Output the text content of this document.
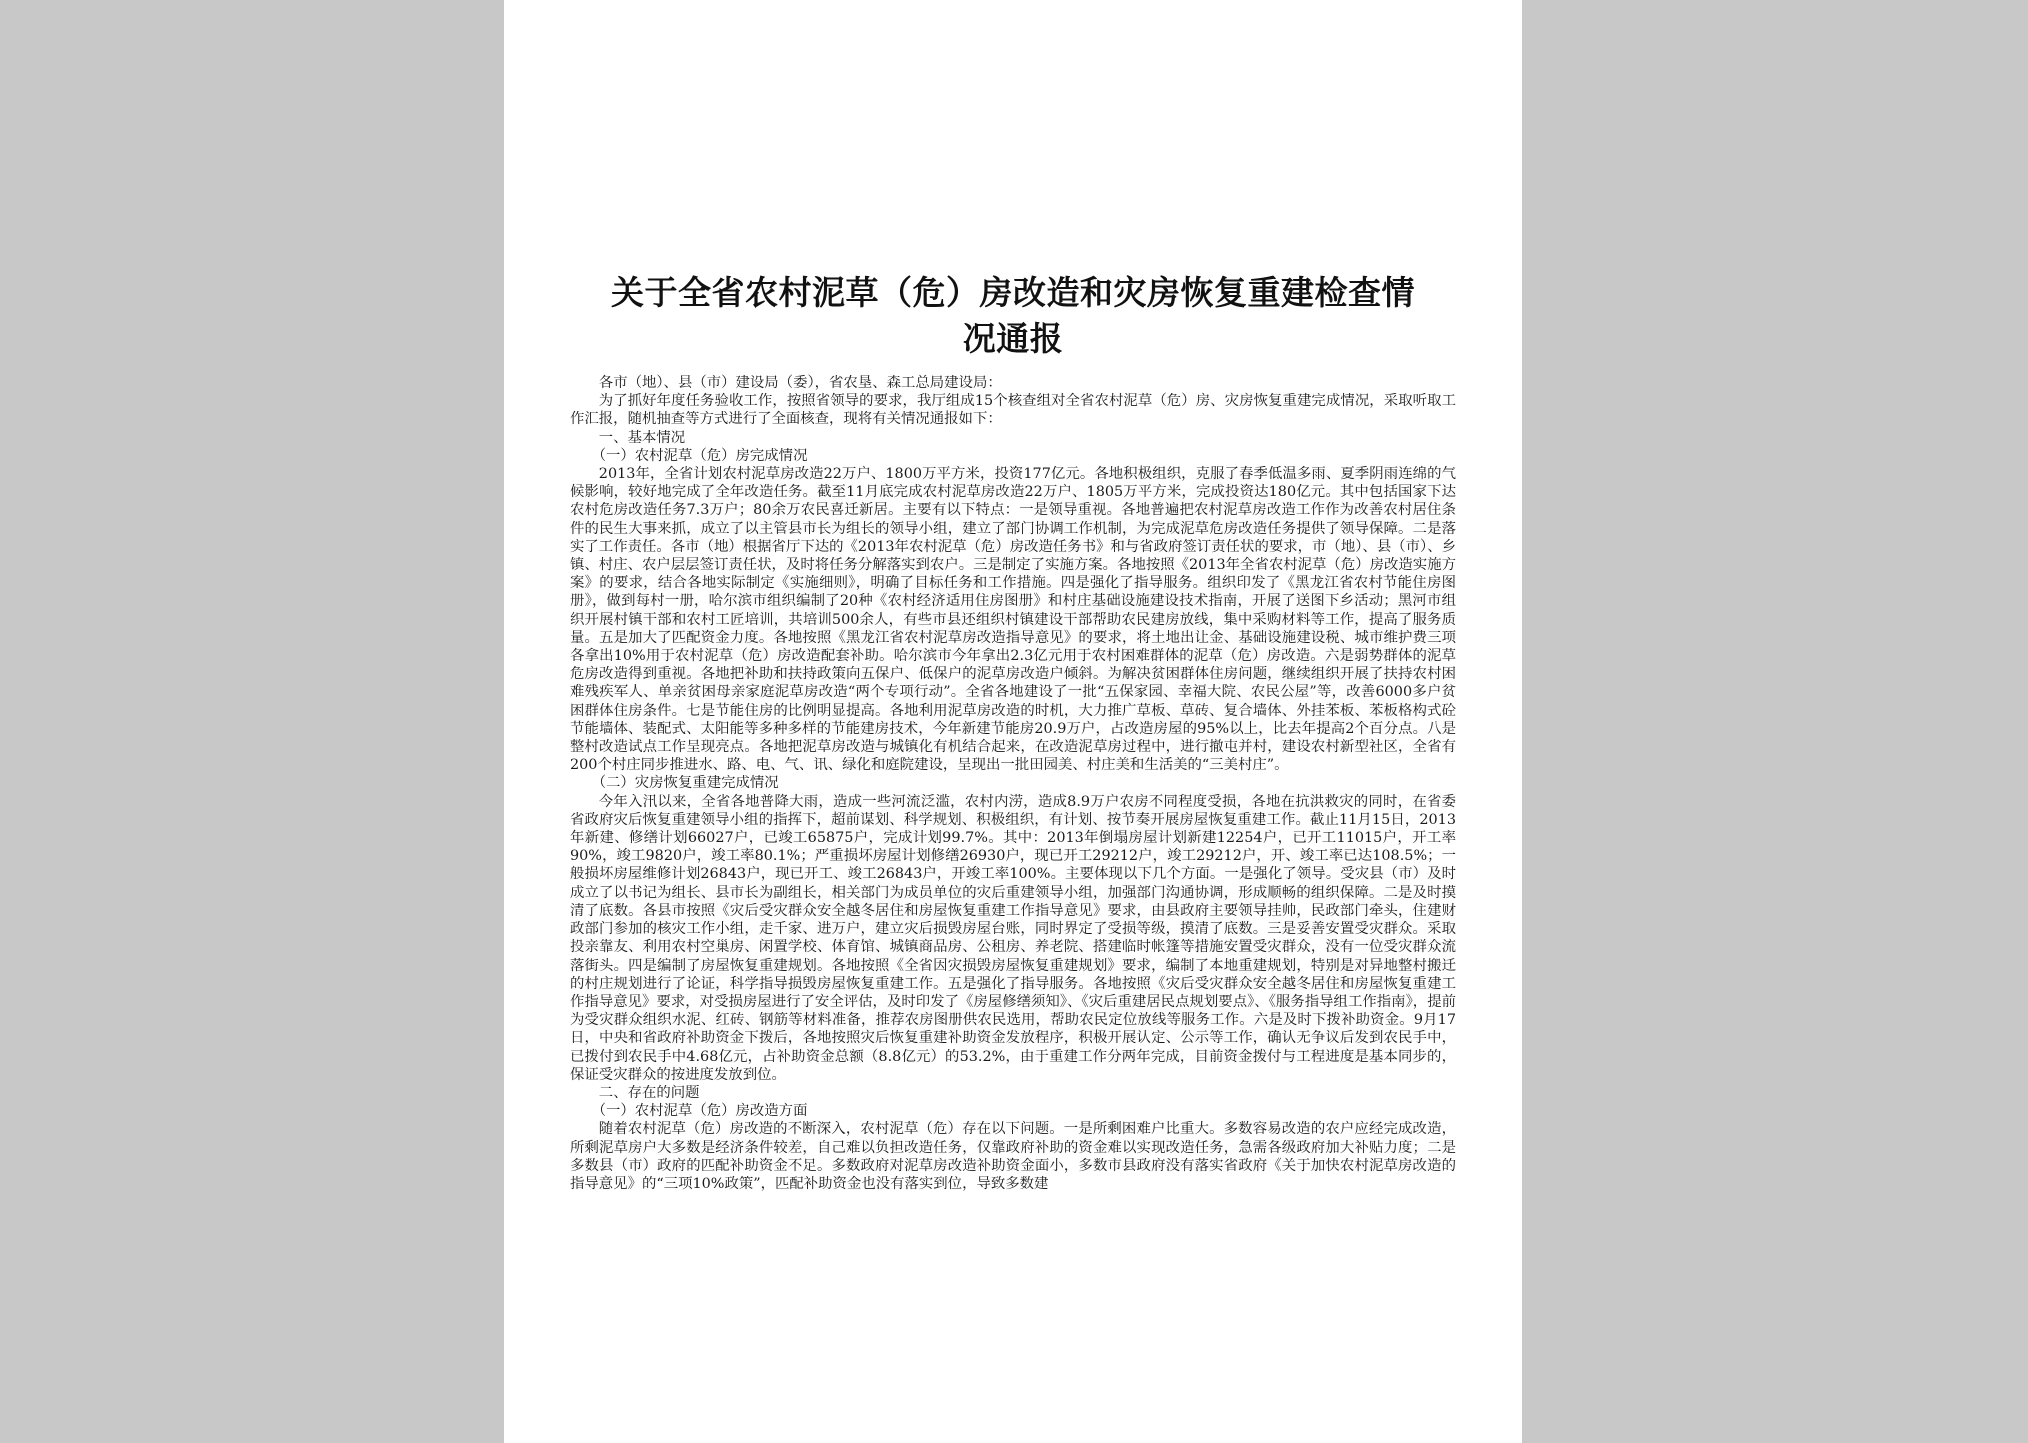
关于全省农村泥草（危）房改造和灾房恢复重建检查情
况通报

各市（地）、县（市）建设局（委），省农垦、森工总局建设局：

为了抓好年度任务验收工作，按照省领导的要求，我厅组成15个核查组对全省农村泥草（危）房、灾房恢复重建完成情况，采取听取工作汇报，随机抽查等方式进行了全面核查，现将有关情况通报如下：

一、基本情况

（一）农村泥草（危）房完成情况

2013年，全省计划农村泥草房改造22万户、1800万平方米，投资177亿元。各地积极组织，克服了春季低温多雨、夏季阴雨连绵的气候影响，较好地完成了全年改造任务。截至11月底完成农村泥草房改造22万户、1805万平方米，完成投资达180亿元。其中包括国家下达农村危房改造任务7.3万户；80余万农民喜迁新居。主要有以下特点：一是领导重视。各地普遍把农村泥草房改造工作作为改善农村居住条件的民生大事来抓，成立了以主管县市长为组长的领导小组，建立了部门协调工作机制，为完成泥草危房改造任务提供了领导保障。二是落实了工作责任。各市（地）根据省厅下达的《2013年农村泥草（危）房改造任务书》和与省政府签订责任状的要求，市（地）、县（市）、乡镇、村庄、农户层层签订责任状，及时将任务分解落实到农户。三是制定了实施方案。各地按照《2013年全省农村泥草（危）房改造实施方案》的要求，结合各地实际制定《实施细则》，明确了目标任务和工作措施。四是强化了指导服务。组织印发了《黑龙江省农村节能住房图册》，做到每村一册，哈尔滨市组织编制了20种《农村经济适用住房图册》和村庄基础设施建设技术指南，开展了送图下乡活动；黑河市组织开展村镇干部和农村工匠培训，共培训500余人，有些市县还组织村镇建设干部帮助农民建房放线，集中采购材料等工作，提高了服务质量。五是加大了匹配资金力度。各地按照《黑龙江省农村泥草房改造指导意见》的要求，将土地出让金、基础设施建设税、城市维护费三项各拿出10%用于农村泥草（危）房改造配套补助。哈尔滨市今年拿出2.3亿元用于农村困难群体的泥草（危）房改造。六是弱势群体的泥草危房改造得到重视。各地把补助和扶持政策向五保户、低保户的泥草房改造户倾斜。为解决贫困群体住房问题，继续组织开展了扶持农村困难残疾军人、单亲贫困母亲家庭泥草房改造“两个专项行动”。全省各地建设了一批“五保家园、幸福大院、农民公屋”等，改善6000多户贫困群体住房条件。七是节能住房的比例明显提高。各地利用泥草房改造的时机，大力推广草板、草砖、复合墙体、外挂苯板、苯板格构式砼节能墙体、装配式、太阳能等多种多样的节能建房技术，今年新建节能房20.9万户，占改造房屋的95%以上，比去年提高2个百分点。八是整村改造试点工作呈现亮点。各地把泥草房改造与城镇化有机结合起来，在改造泥草房过程中，进行撤屯并村，建设农村新型社区，全省有200个村庄同步推进水、路、电、气、讯、绿化和庭院建设，呈现出一批田园美、村庄美和生活美的“三美村庄”。

（二）灾房恢复重建完成情况

今年入汛以来，全省各地普降大雨，造成一些河流泛滥，农村内涝，造成8.9万户农房不同程度受损，各地在抗洪救灾的同时，在省委省政府灾后恢复重建领导小组的指挥下，超前谋划、科学规划、积极组织，有计划、按节奏开展房屋恢复重建工作。截止11月15日，2013年新建、修缮计划66027户，已竣工65875户，完成计划99.7%。其中：2013年倒塌房屋计划新建12254户，已开工11015户，开工率90%，竣工9820户，竣工率80.1%；严重损坏房屋计划修缮26930户，现已开工29212户，竣工29212户，开、竣工率已达108.5%；一般损坏房屋维修计划26843户，现已开工、竣工26843户，开竣工率100%。主要体现以下几个方面。一是强化了领导。受灾县（市）及时成立了以书记为组长、县市长为副组长，相关部门为成员单位的灾后重建领导小组，加强部门沟通协调，形成顺畅的组织保障。二是及时摸清了底数。各县市按照《灾后受灾群众安全越冬居住和房屋恢复重建工作指导意见》要求，由县政府主要领导挂帅，民政部门牵头，住建财政部门参加的核灾工作小组，走千家、进万户，建立灾后损毁房屋台账，同时界定了受损等级，摸清了底数。三是妥善安置受灾群众。采取投亲靠友、利用农村空巢房、闲置学校、体育馆、城镇商品房、公租房、养老院、搭建临时帐篷等措施安置受灾群众，没有一位受灾群众流落街头。四是编制了房屋恢复重建规划。各地按照《全省因灾损毁房屋恢复重建规划》要求，编制了本地重建规划，特别是对异地整村搬迁的村庄规划进行了论证，科学指导损毁房屋恢复重建工作。五是强化了指导服务。各地按照《灾后受灾群众安全越冬居住和房屋恢复重建工作指导意见》要求，对受损房屋进行了安全评估，及时印发了《房屋修缮须知》、《灾后重建居民点规划要点》、《服务指导组工作指南》，提前为受灾群众组织水泥、红砖、钢筋等材料准备，推荐农房图册供农民选用，帮助农民定位放线等服务工作。六是及时下拨补助资金。9月17日，中央和省政府补助资金下拨后，各地按照灾后恢复重建补助资金发放程序，积极开展认定、公示等工作，确认无争议后发到农民手中，已拨付到农民手中4.68亿元，占补助资金总额（8.8亿元）的53.2%，由于重建工作分两年完成，目前资金拨付与工程进度是基本同步的，保证受灾群众的按进度发放到位。

二、存在的问题

（一）农村泥草（危）房改造方面

随着农村泥草（危）房改造的不断深入，农村泥草（危）存在以下问题。一是所剩困难户比重大。多数容易改造的农户应经完成改造，所剩泥草房户大多数是经济条件较差，自己难以负担改造任务，仅靠政府补助的资金难以实现改造任务，急需各级政府加大补贴力度；二是多数县（市）政府的匹配补助资金不足。多数政府对泥草房改造补助资金面小，多数市县政府没有落实省政府《关于加快农村泥草房改造的指导意见》的“三项10%政策”，匹配补助资金也没有落实到位，导致多数建
